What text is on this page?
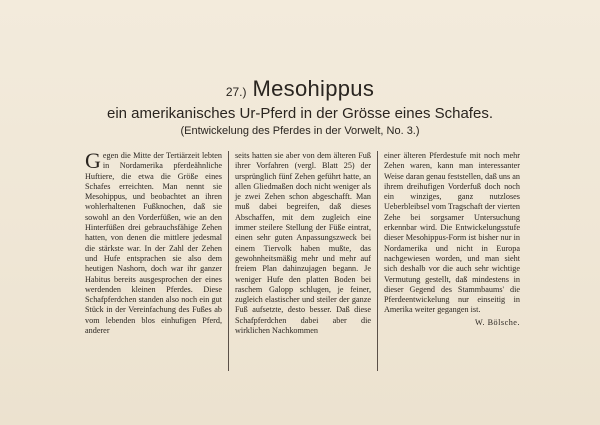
27.) Mesohippus
ein amerikanisches Ur-Pferd in der Grösse eines Schafes.
(Entwickelung des Pferdes in der Vorwelt, No. 3.)

Gegen die Mitte der Tertiärzeit lebten in Nordamerika pferdeähnliche Huftiere, die etwa die Größe eines Schafes erreichten. Man nennt sie Mesohippus, und beobachtet an ihren wohlerhaltenen Fußknochen, daß sie sowohl an den Vorderfüßen, wie an den Hinterfüßen drei gebrauchsfähige Zehen hatten, von denen die mittlere jedesmal die stärkste war. In der Zahl der Zehen und Hufe entsprachen sie also dem heutigen Nashorn, doch war ihr ganzer Habitus bereits ausgesprochen der eines werdenden kleinen Pferdes. Diese Schafpferdchen standen also noch ein gut Stück in der Vereinfachung des Fußes ab vom lebenden blos einhufigen Pferd, anderer

seits hatten sie aber von dem älteren Fuß ihrer Vorfahren (vergl. Blatt 25) der ursprünglich fünf Zehen geführt hatte, an allen Gliedmaßen doch nicht weniger als je zwei Zehen schon abgeschafft. Man muß dabei begreifen, daß dieses Abschaffen, mit dem zugleich eine immer steilere Stellung der Füße eintrat, einen sehr guten Anpassungszweck bei einem Tiervolk haben mußte, das gewohnheitsmäßig mehr und mehr auf freiem Plan dahinzujagen begann. Je weniger Hufe den platten Boden bei raschem Galopp schlugen, je feiner, zugleich elastischer und steiler der ganze Fuß aufsetzte, desto besser. Daß diese Schafpferdchen dabei aber die wirklichen Nachkommen

einer älteren Pferdestufe mit noch mehr Zehen waren, kann man interessanter Weise daran genau feststellen, daß uns an ihrem dreihufigen Vorderfuß doch noch ein winziges, ganz nutzloses Ueberbleibsel vom Tragschaft der vierten Zehe bei sorgsamer Untersuchung erkennbar wird. Die Entwickelungsstufe dieser Mesohippus-Form ist bisher nur in Nordamerika und nicht in Europa nachgewiesen worden, und man sieht sich deshalb vor die auch sehr wichtige Vermutung gestellt, daß mindestens in dieser Gegend des Stammbaums' die Pferdeentwickelung nur einseitig in Amerika weiter gegangen ist.

W. Bölsche.
